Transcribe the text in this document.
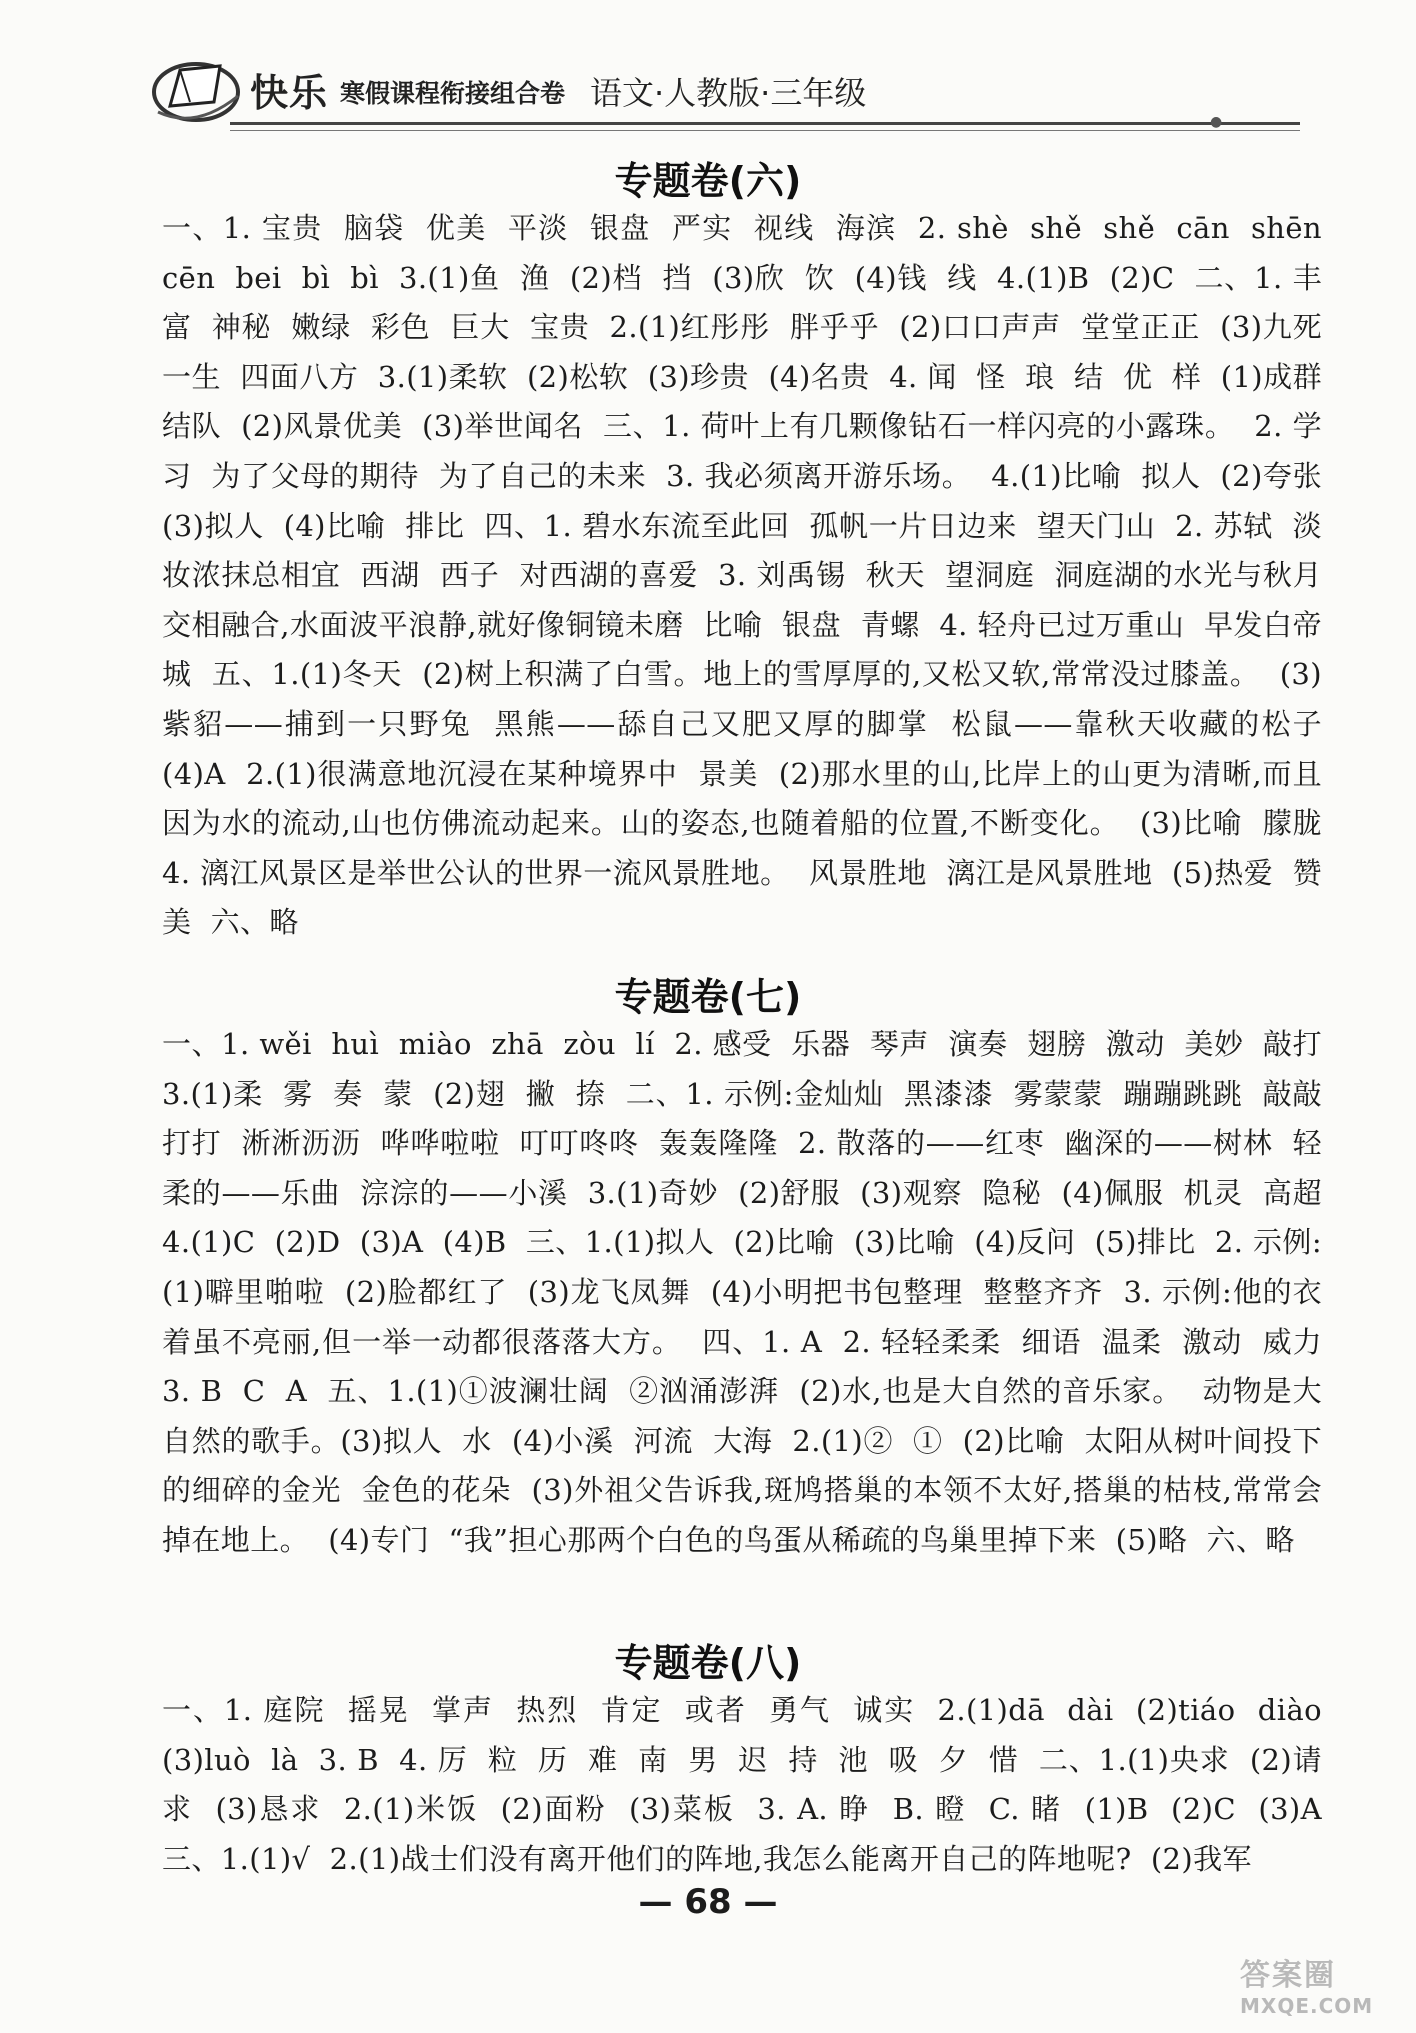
快乐 寒假课程衔接组合卷 语文·人教版·三年级
●
专题卷(六)

一、1. 宝贵  脑袋  优美  平淡  银盘  严实  视线  海滨  2. shè  shě  shě  cān  shēn  cēn  bei  bì  bì  3.(1)鱼  渔  (2)档  挡  (3)欣  饮  (4)钱  线  4.(1)B  (2)C  二、1. 丰富  神秘  嫩绿  彩色  巨大  宝贵  2.(1)红彤彤  胖乎乎  (2)口口声声  堂堂正正  (3)九死一生  四面八方  3.(1)柔软  (2)松软  (3)珍贵  (4)名贵  4. 闻  怪  琅  结  优  样  (1)成群结队  (2)风景优美  (3)举世闻名  三、1. 荷叶上有几颗像钻石一样闪亮的小露珠。  2. 学习  为了父母的期待  为了自己的未来  3. 我必须离开游乐场。  4.(1)比喻  拟人  (2)夸张  (3)拟人  (4)比喻  排比  四、1. 碧水东流至此回  孤帆一片日边来  望天门山  2. 苏轼  淡妆浓抹总相宜  西湖  西子  对西湖的喜爱  3. 刘禹锡  秋天  望洞庭  洞庭湖的水光与秋月交相融合,水面波平浪静,就好像铜镜未磨  比喻  银盘  青螺  4. 轻舟已过万重山  早发白帝城  五、1.(1)冬天  (2)树上积满了白雪。地上的雪厚厚的,又松又软,常常没过膝盖。  (3)紫貂——捕到一只野兔  黑熊——舔自己又肥又厚的脚掌  松鼠——靠秋天收藏的松子  (4)A  2.(1)很满意地沉浸在某种境界中  景美  (2)那水里的山,比岸上的山更为清晰,而且因为水的流动,山也仿佛流动起来。山的姿态,也随着船的位置,不断变化。  (3)比喻  朦胧  4. 漓江风景区是举世公认的世界一流风景胜地。  风景胜地  漓江是风景胜地  (5)热爱  赞美  六、略

专题卷(七)

一、1. wěi  huì  miào  zhā  zòu  lí  2. 感受  乐器  琴声  演奏  翅膀  激动  美妙  敲打  3.(1)柔  雾  奏  蒙  (2)翅  撇  捺  二、1. 示例:金灿灿  黑漆漆  雾蒙蒙  蹦蹦跳跳  敲敲打打  淅淅沥沥  哗哗啦啦  叮叮咚咚  轰轰隆隆  2. 散落的——红枣  幽深的——树林  轻柔的——乐曲  淙淙的——小溪  3.(1)奇妙  (2)舒服  (3)观察  隐秘  (4)佩服  机灵  高超  4.(1)C  (2)D  (3)A  (4)B  三、1.(1)拟人  (2)比喻  (3)比喻  (4)反问  (5)排比  2. 示例:(1)噼里啪啦  (2)脸都红了  (3)龙飞凤舞  (4)小明把书包整理  整整齐齐  3. 示例:他的衣着虽不亮丽,但一举一动都很落落大方。  四、1. A  2. 轻轻柔柔  细语  温柔  激动  威力  3. B  C  A  五、1.(1)①波澜壮阔  ②汹涌澎湃  (2)水,也是大自然的音乐家。  动物是大自然的歌手。(3)拟人  水  (4)小溪  河流  大海  2.(1)②  ①  (2)比喻  太阳从树叶间投下的细碎的金光  金色的花朵  (3)外祖父告诉我,斑鸠搭巢的本领不太好,搭巢的枯枝,常常会掉在地上。  (4)专门  “我”担心那两个白色的鸟蛋从稀疏的鸟巢里掉下来  (5)略  六、略

专题卷(八)

一、1. 庭院  摇晃  掌声  热烈  肯定  或者  勇气  诚实  2.(1)dā  dài  (2)tiáo  diào  (3)luò  là  3. B  4. 厉  粒  历  难  南  男  迟  持  池  吸  夕  惜  二、1.(1)央求  (2)请求  (3)恳求  2.(1)米饭  (2)面粉  (3)菜板  3. A. 睁  B. 瞪  C. 睹  (1)B  (2)C  (3)A  三、1.(1)√  2.(1)战士们没有离开他们的阵地,我怎么能离开自己的阵地呢?  (2)我军

— 68 —
答案圈
MXQE.COM
